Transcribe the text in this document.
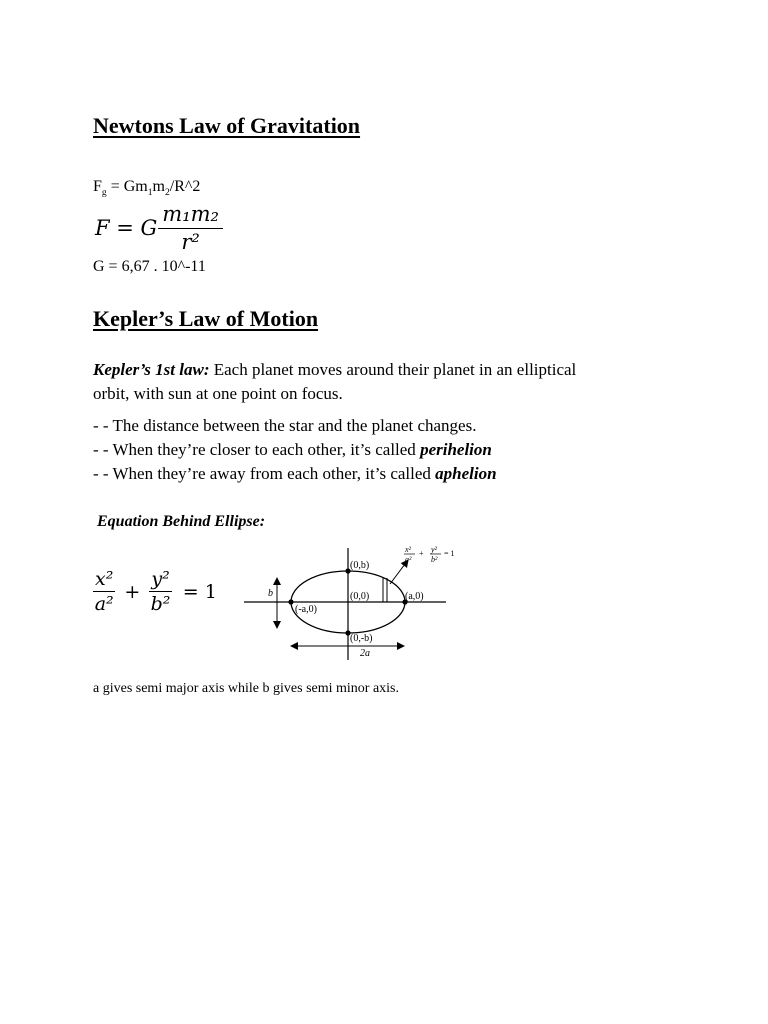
Newtons Law of Gravitation
$F_g$ = $Gm_1m_2/R\^{}2$
F = G $\frac{\text{m₁m₂}}{\text{r²}}$
G = 6,67 . 10^-11
Kepler’s Law of Motion
Kepler’s 1st law: Each planet moves around their planet in an elliptical
orbit, with sun at one point on focus.
- - The distance between the star and the planet changes.
- - When they’re closer to each other, it’s called perihelion
- - When they’re away from each other, it’s called aphelion
Equation Behind Ellipse:
$\frac{\text{x²}}{\text{a²}} + \frac{\text{y²}}{\text{b²}} = 1$
(0,b)
(0,0)	(a,0)
(-a,0)
(0,-b)
b
2a
x²
a²
+ y²
b²
= 1
a gives semi major axis while b gives semi minor axis.
